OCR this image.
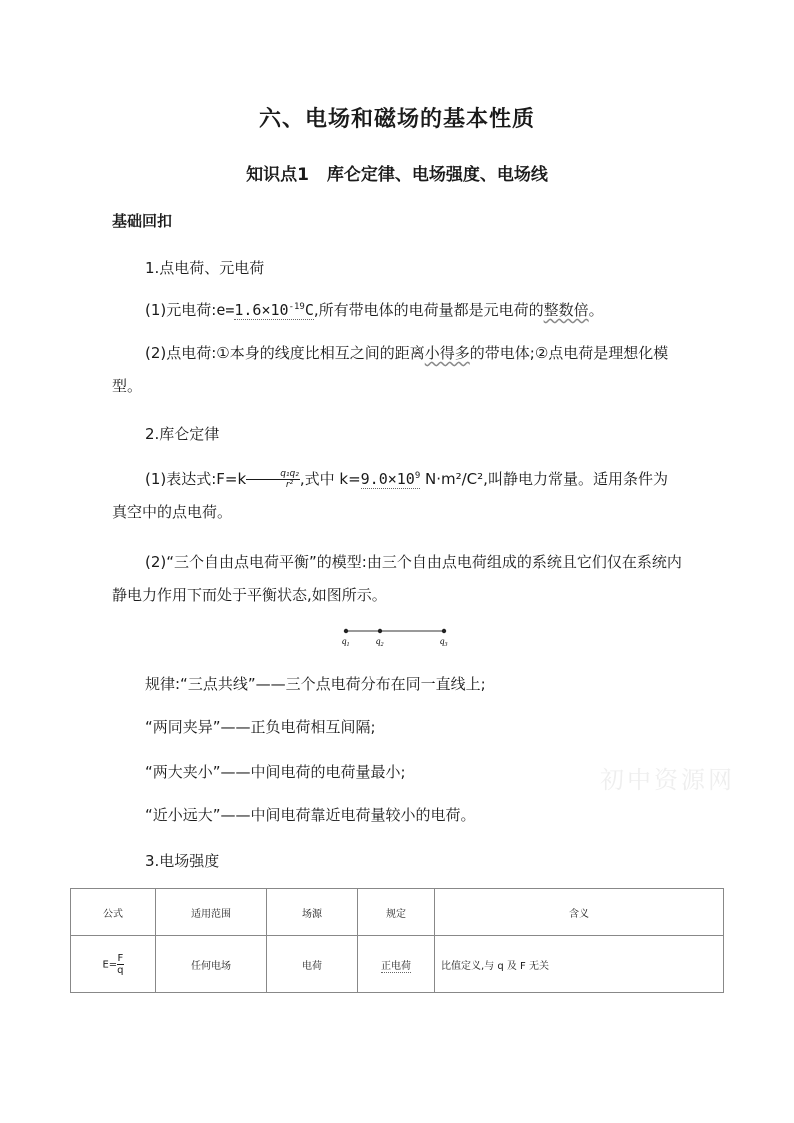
六、电场和磁场的基本性质
知识点1 库仑定律、电场强度、电场线
基础回扣
1.点电荷、元电荷
(1)元电荷$:e=1.6\times 10^{-19}C$,所有带电体的电荷量都是元电荷的整数倍。
(2)点电荷:①本身的线度比相互之间的距离小得多的带电体;②点电荷是理想化模型。
2.库仑定律
(1)表达式:F=k $\frac{\text{q₁q₂}}{\text{r²}}$ ,式中 $k=9.0\times 10^9$ N·m²/C²,叫静电力常量。适用条件为真空中的点电荷。
(2)“三个自由点电荷平衡”的模型:由三个自由点电荷组成的系统且它们仅在系统内静电力作用下而处于平衡状态,如图所示。
$q_1$	$q_2$	$q_3$
规律:“三点共线”——三个点电荷分布在同一直线上;
“两同夹异”——正负电荷相互间隔;
“两大夹小”——中间电荷的电荷量最小;
“近小远大”——中间电荷靠近电荷量较小的电荷。
初中资源网
3.电场强度
公式	适用范围	场源	规定	含义
$E= \frac{F}{q}$	任何电场	电荷	正电荷	比值定义,与 q 及 F 无关
